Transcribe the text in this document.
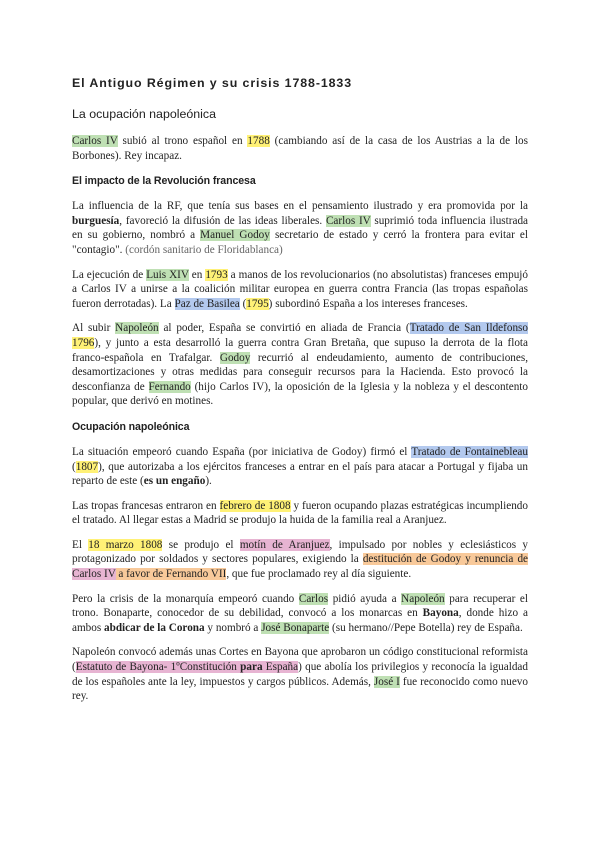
El Antiguo Régimen y su crisis 1788-1833
La ocupación napoleónica

Carlos IV subió al trono español en 1788 (cambiando así de la casa de los Austrias a la de los Borbones). Rey incapaz.

El impacto de la Revolución francesa

La influencia de la RF, que tenía sus bases en el pensamiento ilustrado y era promovida por la burguesía, favoreció la difusión de las ideas liberales. Carlos IV suprimió toda influencia ilustrada en su gobierno, nombró a Manuel Godoy secretario de estado y cerró la frontera para evitar el "contagio". (cordón sanitario de Floridablanca)

La ejecución de Luis XIV en 1793 a manos de los revolucionarios (no absolutistas) franceses empujó a Carlos IV a unirse a la coalición militar europea en guerra contra Francia (las tropas españolas fueron derrotadas). La Paz de Basilea (1795) subordinó España a los intereses franceses.

Al subir Napoleón al poder, España se convirtió en aliada de Francia (Tratado de San Ildefonso 1796), y junto a esta desarrolló la guerra contra Gran Bretaña, que supuso la derrota de la flota franco-española en Trafalgar. Godoy recurrió al endeudamiento, aumento de contribuciones, desamortizaciones y otras medidas para conseguir recursos para la Hacienda. Esto provocó la desconfianza de Fernando (hijo Carlos IV), la oposición de la Iglesia y la nobleza y el descontento popular, que derivó en motines.

Ocupación napoleónica

La situación empeoró cuando España (por iniciativa de Godoy) firmó el Tratado de Fontainebleau (1807), que autorizaba a los ejércitos franceses a entrar en el país para atacar a Portugal y fijaba un reparto de este (es un engaño).

Las tropas francesas entraron en febrero de 1808 y fueron ocupando plazas estratégicas incumpliendo el tratado. Al llegar estas a Madrid se produjo la huida de la familia real a Aranjuez.

El 18 marzo 1808 se produjo el motín de Aranjuez, impulsado por nobles y eclesiásticos y protagonizado por soldados y sectores populares, exigiendo la destitución de Godoy y renuncia de Carlos IV a favor de Fernando VII, que fue proclamado rey al día siguiente.

Pero la crisis de la monarquía empeoró cuando Carlos pidió ayuda a Napoleón para recuperar el trono. Bonaparte, conocedor de su debilidad, convocó a los monarcas en Bayona, donde hizo a ambos abdicar de la Corona y nombró a José Bonaparte (su hermano//Pepe Botella) rey de España.

Napoleón convocó además unas Cortes en Bayona que aprobaron un código constitucional reformista (Estatuto de Bayona- 1ºConstitución para España) que abolía los privilegios y reconocía la igualdad de los españoles ante la ley, impuestos y cargos públicos. Además, José I fue reconocido como nuevo rey.
